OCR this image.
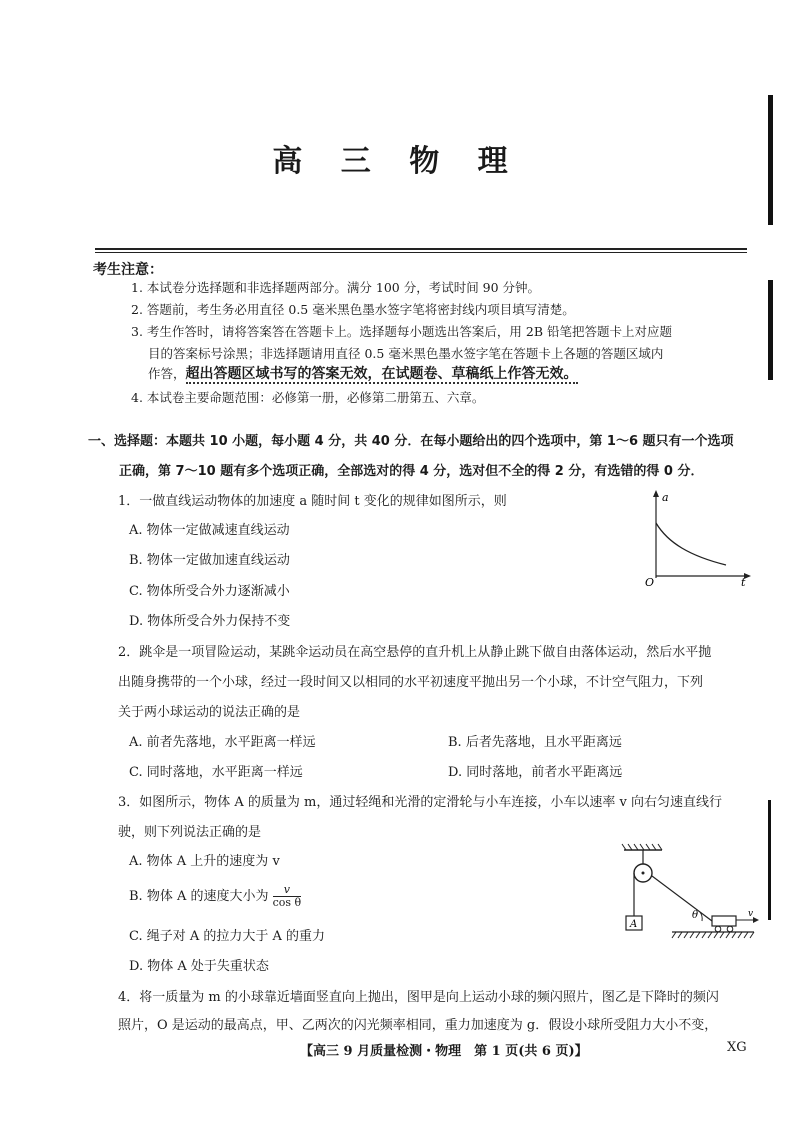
高 三 物 理
考生注意：
1. 本试卷分选择题和非选择题两部分。满分 100 分，考试时间 90 分钟。
2. 答题前，考生务必用直径 0.5 毫米黑色墨水签字笔将密封线内项目填写清楚。
3. 考生作答时，请将答案答在答题卡上。选择题每小题选出答案后，用 2B 铅笔把答题卡上对应题
目的答案标号涂黑；非选择题请用直径 0.5 毫米黑色墨水签字笔在答题卡上各题的答题区域内
作答，超出答题区域书写的答案无效，在试题卷、草稿纸上作答无效。
4. 本试卷主要命题范围：必修第一册，必修第二册第五、六章。
一、选择题：本题共 10 小题，每小题 4 分，共 40 分．在每小题给出的四个选项中，第 1～6 题只有一个选项
正确，第 7～10 题有多个选项正确，全部选对的得 4 分，选对但不全的得 2 分，有选错的得 0 分．
1．一做直线运动物体的加速度 a 随时间 t 变化的规律如图所示，则
A. 物体一定做减速直线运动
B. 物体一定做加速直线运动
C. 物体所受合外力逐渐减小
D. 物体所受合外力保持不变
a
t
O
2．跳伞是一项冒险运动，某跳伞运动员在高空悬停的直升机上从静止跳下做自由落体运动，然后水平抛
出随身携带的一个小球，经过一段时间又以相同的水平初速度平抛出另一个小球，不计空气阻力，下列
关于两小球运动的说法正确的是
A. 前者先落地，水平距离一样远	B. 后者先落地，且水平距离远
C. 同时落地，水平距离一样远	D. 同时落地，前者水平距离远
3．如图所示，物体 A 的质量为 m，通过轻绳和光滑的定滑轮与小车连接，小车以速率 v 向右匀速直线行
驶，则下列说法正确的是
A. 物体 A 上升的速度为 v
B. 物体 A 的速度大小为 $\frac{v}{\text{cos θ}}$
C. 绳子对 A 的拉力大于 A 的重力
D. 物体 A 处于失重状态
A
θ	v
4．将一质量为 m 的小球靠近墙面竖直向上抛出，图甲是向上运动小球的频闪照片，图乙是下降时的频闪
照片，O 是运动的最高点，甲、乙两次的闪光频率相同，重力加速度为 g．假设小球所受阻力大小不变，
【高三 9 月质量检测・物理　第 1 页(共 6 页)】	XG
